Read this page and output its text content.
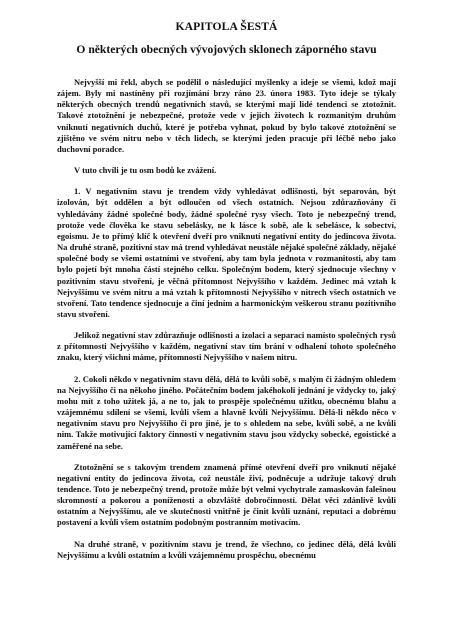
KAPITOLA ŠESTÁ
O některých obecných vývojových sklonech záporného stavu

Nejvyšší mi řekl, abych se podělil o následující myšlenky a ideje se všemi, kdož mají zájem. Byly mi nastíněny při rozjímání brzy ráno 23. února 1983. Tyto ideje se týkaly některých obecných trendů negativních stavů, se kterými mají lidé tendenci se ztotožnit. Takové ztotožnění je nebezpečné, protože vede v jejich životech k rozmanitým druhům vniknutí negativních duchů, které je potřeba vyhnat, pokud by bylo takové ztotožnění se zjištěno ve svém nitru nebo v těch lidech, se kterými jeden pracuje při léčbě nebo jako duchovní poradce.

V tuto chvíli je tu osm bodů ke zvážení.

1. V negativním stavu je trendem vždy vyhledávat odlišnosti, být separován, být izolován, být oddělen a být odloučen od všech ostatních. Nejsou zdůrazňovány či vyhledávány žádné společné body, žádné společné rysy všech. Toto je nebezpečný trend, protože vede člověka ke stavu sebelásky, ne k lásce k sobě, ale k sebelásce, k sobectví, egoismu. Je to přímý klíč k otevření dveří pro vniknutí negativní entity do jedincova života. Na druhé straně, pozitivní stav má trend vyhledávat neustále nějaké společné základy, nějaké společné body se všemi ostatními ve stvoření, aby tam byla jednota v rozmanitosti, aby tam bylo pojetí být mnoha částí stejného celku. Společným bodem, který sjednocuje všechny v pozitivním stavu stvoření, je věčná přítomnost Nejvyššího v každém. Jedinec má vztah k Nejvyššímu ve svém nitru a má vztah k přítomnosti Nejvyššího v nitrech všech ostatních ve stvoření. Tato tendence sjednocuje a činí jedním a harmonickým veškerou stranu pozitivního stavu stvoření.

Jelikož negativní stav zdůrazňuje odlišnosti a izolaci a separaci namísto společných rysů z přítomnosti Nejvyššího v každém, negativní stav tím brání v odhalení tohoto společného znaku, který všichni máme, přítomnosti Nejvyššího v našem nitru.

2. Cokoli někdo v negativním stavu dělá, dělá to kvůli sobě, s malým či žádným ohledem na Nejvyššího či na někoho jiného. Počátečním bodem jakéhokoli jednání je vždycky to, jaký mohu mít z toho užitek já, a ne to, jak to prospěje společnému užitku, obecnému blahu a vzájemnému sdílení se všemi, kvůli všem a hlavně kvůli Nejvyššímu. Dělá-li někdo něco v negativním stavu pro Nejvyššího či pro jiné, je to s ohledem na sebe, kvůli sobě, a ne kvůli nim. Takže motivující faktory činností v negativním stavu jsou vždycky sobecké, egoistické a zaměřené na sebe.

Ztotožnění se s takovým trendem znamená přímé otevření dveří pro vniknutí nějaké negativní entity do jedincova života, což neustále živí, podněcuje a udržuje takový druh tendence. Toto je nebezpečný trend, protože může být velmi vychytrale zamaskován falešnou skromností a pokorou a poníženosti a obzvláště dobročinností. Dělat věci zdánlivě kvůli ostatním a Nejvyššímu, ale ve skutečnosti vnitřně je činit kvůli uznání, reputaci a dobrému postavení a kvůli všem ostatním podobným postranním motivacím.

Na druhé straně, v pozitivním stavu je trend, že všechno, co jedinec dělá, dělá kvůli Nejvyššímu a kvůli ostatním a kvůli vzájemnému prospěchu, obecnému
